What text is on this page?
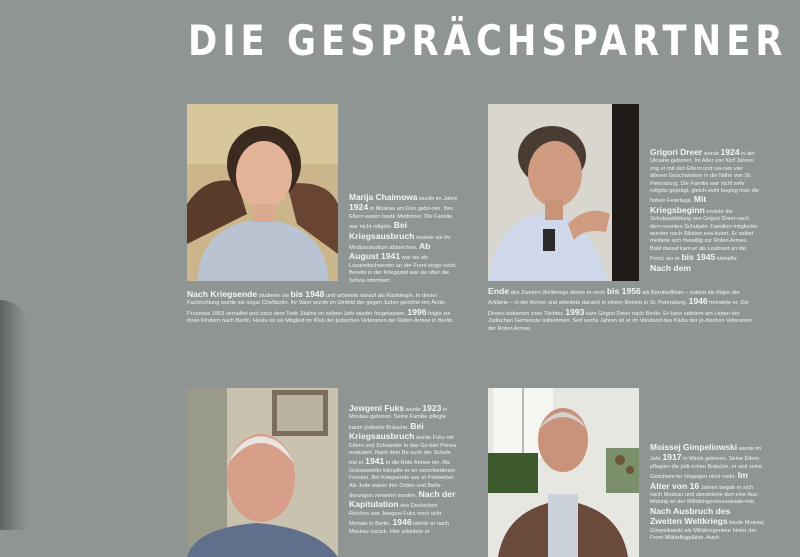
DIE GESPRÄCHSPARTNER

Marija Chaimowa wurde im Jahre 1924 in Moskau am Don gebo-ren. Ihre Eltern waren beide Mediziner. Die Familie war nicht religiös. Bei Kriegsausbruch musste sie ihr Medizinstudium abbrechen. Ab August 1941 war sie als Lazarettschwester an der Front einge-setzt. Bereits in der Kriegszeit war sie über die Schoa informiert.

Nach Kriegsende studierte sie bis 1948 und arbeitete darauf als Radiologin. In dieser Fachrichtung wurde sie sogar Chefärztin. Ihr Vater wurde im Umfeld der gegen Juden gerichte-ten Ärzte-Prozesse 1953 verhaftet und nach dem Tode Stalins im selben Jahr wieder freigelassen. 1996 folgte sie ihren Kindern nach Berlin. Heute ist sie Mitglied im Klub der jüdischen Veteranen der Roten Armee in Berlin.

Grigori Dreer wurde 1924 in der Ukraine geboren. Im Alter von fünf Jahren zog er mit den Eltern und sei-nen vier älteren Geschwistern in die Nähe von St. Petersburg. Die Familie war nicht sehr religiös geprägt, gleich-wohl beging man die hohen Feiertage. Mit Kriegsbeginn endete die Schulausbildung von Grigori Dreer nach dem neunten Schuljahr. Familien-mitglieder wurden nach Sibirien eva-kuiert. Er selbst meldete sich freiwillig zur Roten Armee. Bald darauf kam er als Leutnant an die Front, wo er bis 1945 kämpfte. Nach dem

Ende des Zweiten Weltkriegs diente er noch bis 1956 als Berufsoffizier – zuletzt als Major der Artillerie – in der Armee und arbeitete danach in einem Betrieb in St. Petersburg. 1946 heiratete er. Die Dreers bekamen zwei Töchter. 1993 kam Grigori Dreer nach Berlin. Er kann seitdem am Leben der Jüdischen Gemeinde teilnehmen. Seit sechs Jahren ist er im Vorstand des Klubs der jü-dischen Veteranen der Roten Armee.

Jewgeni Fuks wurde 1923 in Moskau geboren. Seine Familie pflegte kaum jüdische Bräuche. Bei Kriegsausbruch wurde Fuks mit Eltern und Schwester in das Ge-biet Pensa evakuiert. Nach dem Be-such der Schule trat er 1941 in die Rote Armee ein. Als Granatwerfer kämpfte er an verschiedenen Fronten. Bei Kriegsende war er Feldwebel. Als Jude waren ihm Orden und Beför-derungen verwehrt worden. Nach der Kapitulation des Deutschen Reiches war Jewgeni Fuks noch acht Monate in Berlin. 1946 kehrte er nach Moskau zurück. Hier arbeitete er

Moissej Gimpeliowski wurde im Jahr 1917 in Minsk geboren. Seine Eltern pflegten die jüdi-schen Bräuche, er und seine Geschwis-ter hingegen nicht mehr. Im Alter von 16 Jahren begab er sich nach Moskau und absolvierte dort eine Aus-bildung an der Militäringenieursakade-mie. Nach Ausbruch des Zweiten Weltkriegs baute Moissej Gimpeliowski als Militäringenieur hinter der Front Militärflugplätze. Auch
